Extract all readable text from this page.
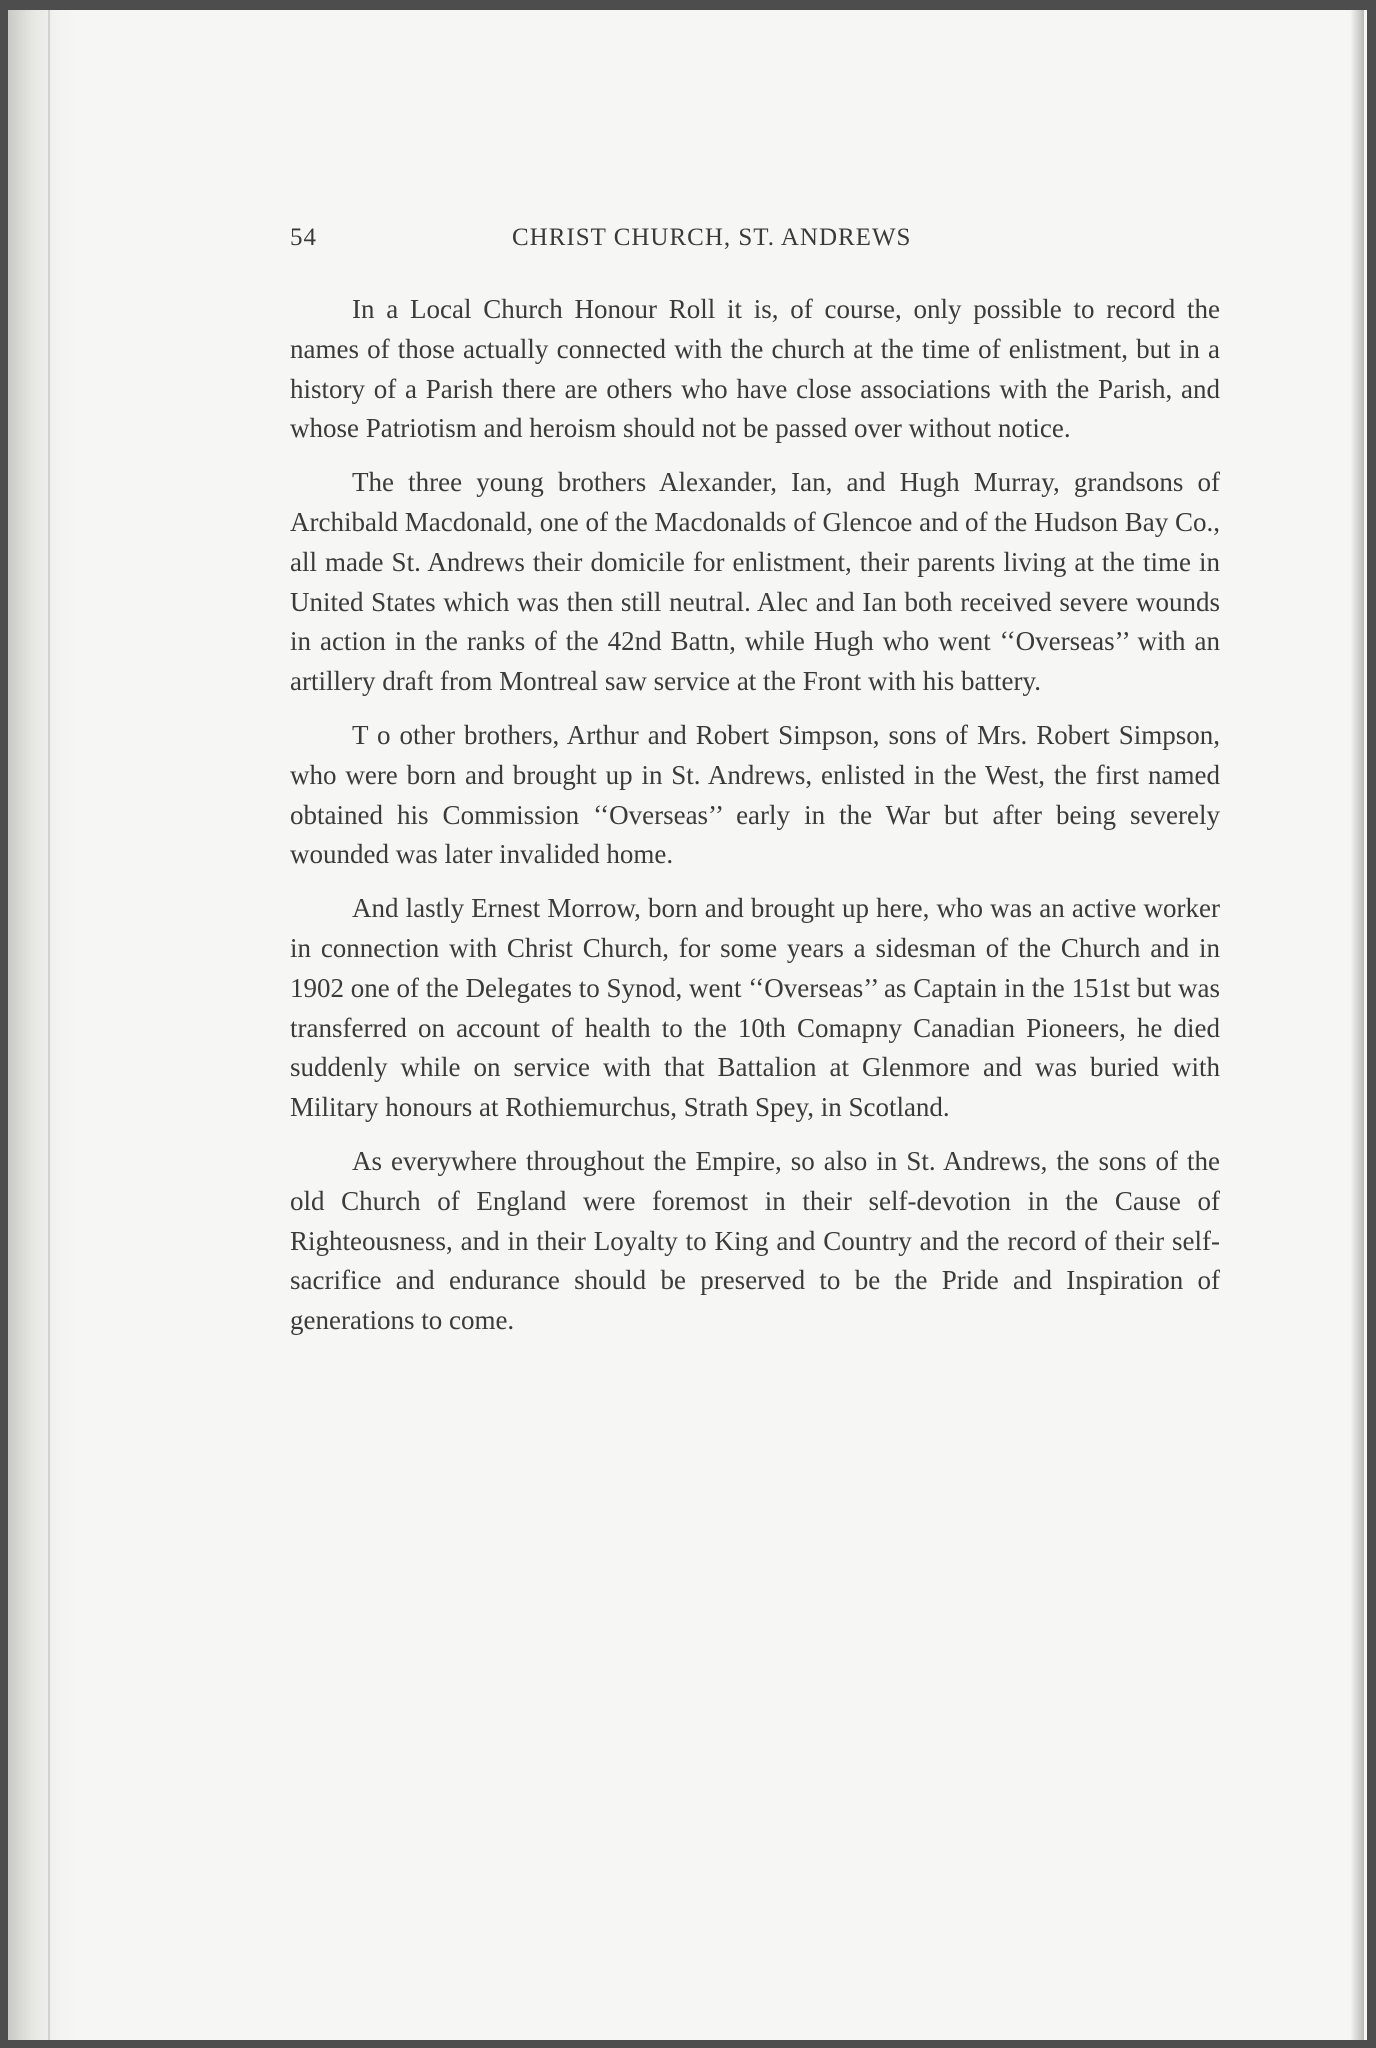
54	CHRIST CHURCH, ST. ANDREWS

In a Local Church Honour Roll it is, of course, only possible to record the names of those actually connected with the church at the time of enlistment, but in a history of a Parish there are others who have close associations with the Parish, and whose Patriotism and heroism should not be passed over without notice.

The three young brothers Alexander, Ian, and Hugh Murray, grandsons of Archibald Macdonald, one of the Macdonalds of Glencoe and of the Hudson Bay Co., all made St. Andrews their domicile for enlistment, their parents living at the time in United States which was then still neutral. Alec and Ian both received severe wounds in action in the ranks of the 42nd Battn, while Hugh who went ‘‘Overseas’’ with an artillery draft from Montreal saw service at the Front with his battery.

T o other brothers, Arthur and Robert Simpson, sons of Mrs. Robert Simpson, who were born and brought up in St. Andrews, enlisted in the West, the first named obtained his Commission ‘‘Overseas’’ early in the War but after being severely wounded was later invalided home.

And lastly Ernest Morrow, born and brought up here, who was an active worker in connection with Christ Church, for some years a sidesman of the Church and in 1902 one of the Delegates to Synod, went ‘‘Overseas’’ as Captain in the 151st but was transferred on account of health to the 10th Comapny Canadian Pioneers, he died suddenly while on service with that Battalion at Glenmore and was buried with Military honours at Rothiemurchus, Strath Spey, in Scotland.

As everywhere throughout the Empire, so also in St. Andrews, the sons of the old Church of England were foremost in their self-devotion in the Cause of Righteousness, and in their Loyalty to King and Country and the record of their self-sacrifice and endurance should be preserved to be the Pride and Inspiration of generations to come.
